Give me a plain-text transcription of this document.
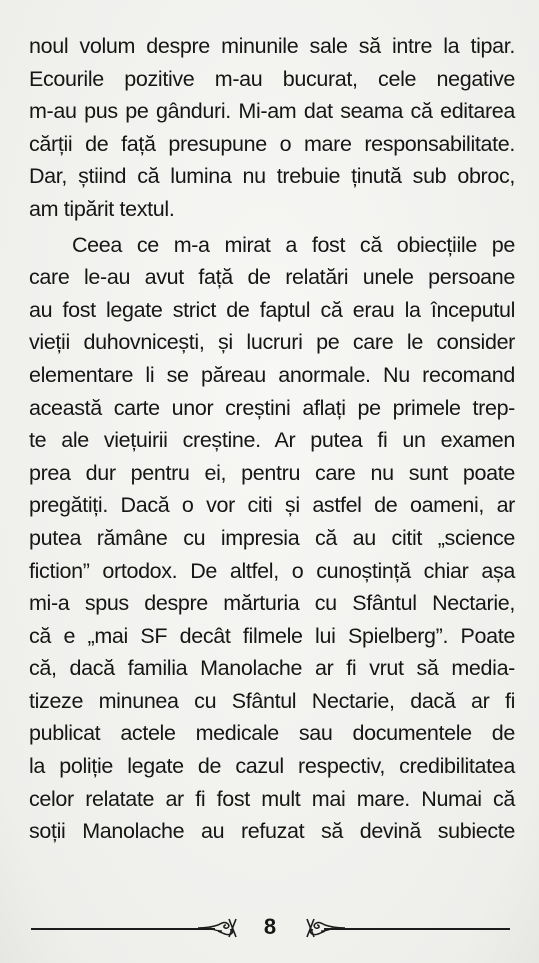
noul volum despre minunile sale să intre la tipar.
Ecourile pozitive m-au bucurat, cele negative
m-au pus pe gânduri. Mi-am dat seama că editarea
cărții de față presupune o mare responsabilitate.
Dar, știind că lumina nu trebuie ținută sub obroc,
am tipărit textul.
Ceea ce m-a mirat a fost că obiecțiile pe
care le-au avut față de relatări unele persoane
au fost legate strict de faptul că erau la începutul
vieții duhovnicești, și lucruri pe care le consider
elementare li se păreau anormale. Nu recomand
această carte unor creștini aflați pe primele trep-
te ale viețuirii creștine. Ar putea fi un examen
prea dur pentru ei, pentru care nu sunt poate
pregătiți. Dacă o vor citi și astfel de oameni, ar
putea rămâne cu impresia că au citit „science
fiction” ortodox. De altfel, o cunoștință chiar așa
mi-a spus despre mărturia cu Sfântul Nectarie,
că e „mai SF decât filmele lui Spielberg”. Poate
că, dacă familia Manolache ar fi vrut să media-
tizeze minunea cu Sfântul Nectarie, dacă ar fi
publicat actele medicale sau documentele de
la poliție legate de cazul respectiv, credibilitatea
celor relatate ar fi fost mult mai mare. Numai că
soții Manolache au refuzat să devină subiecte
8
